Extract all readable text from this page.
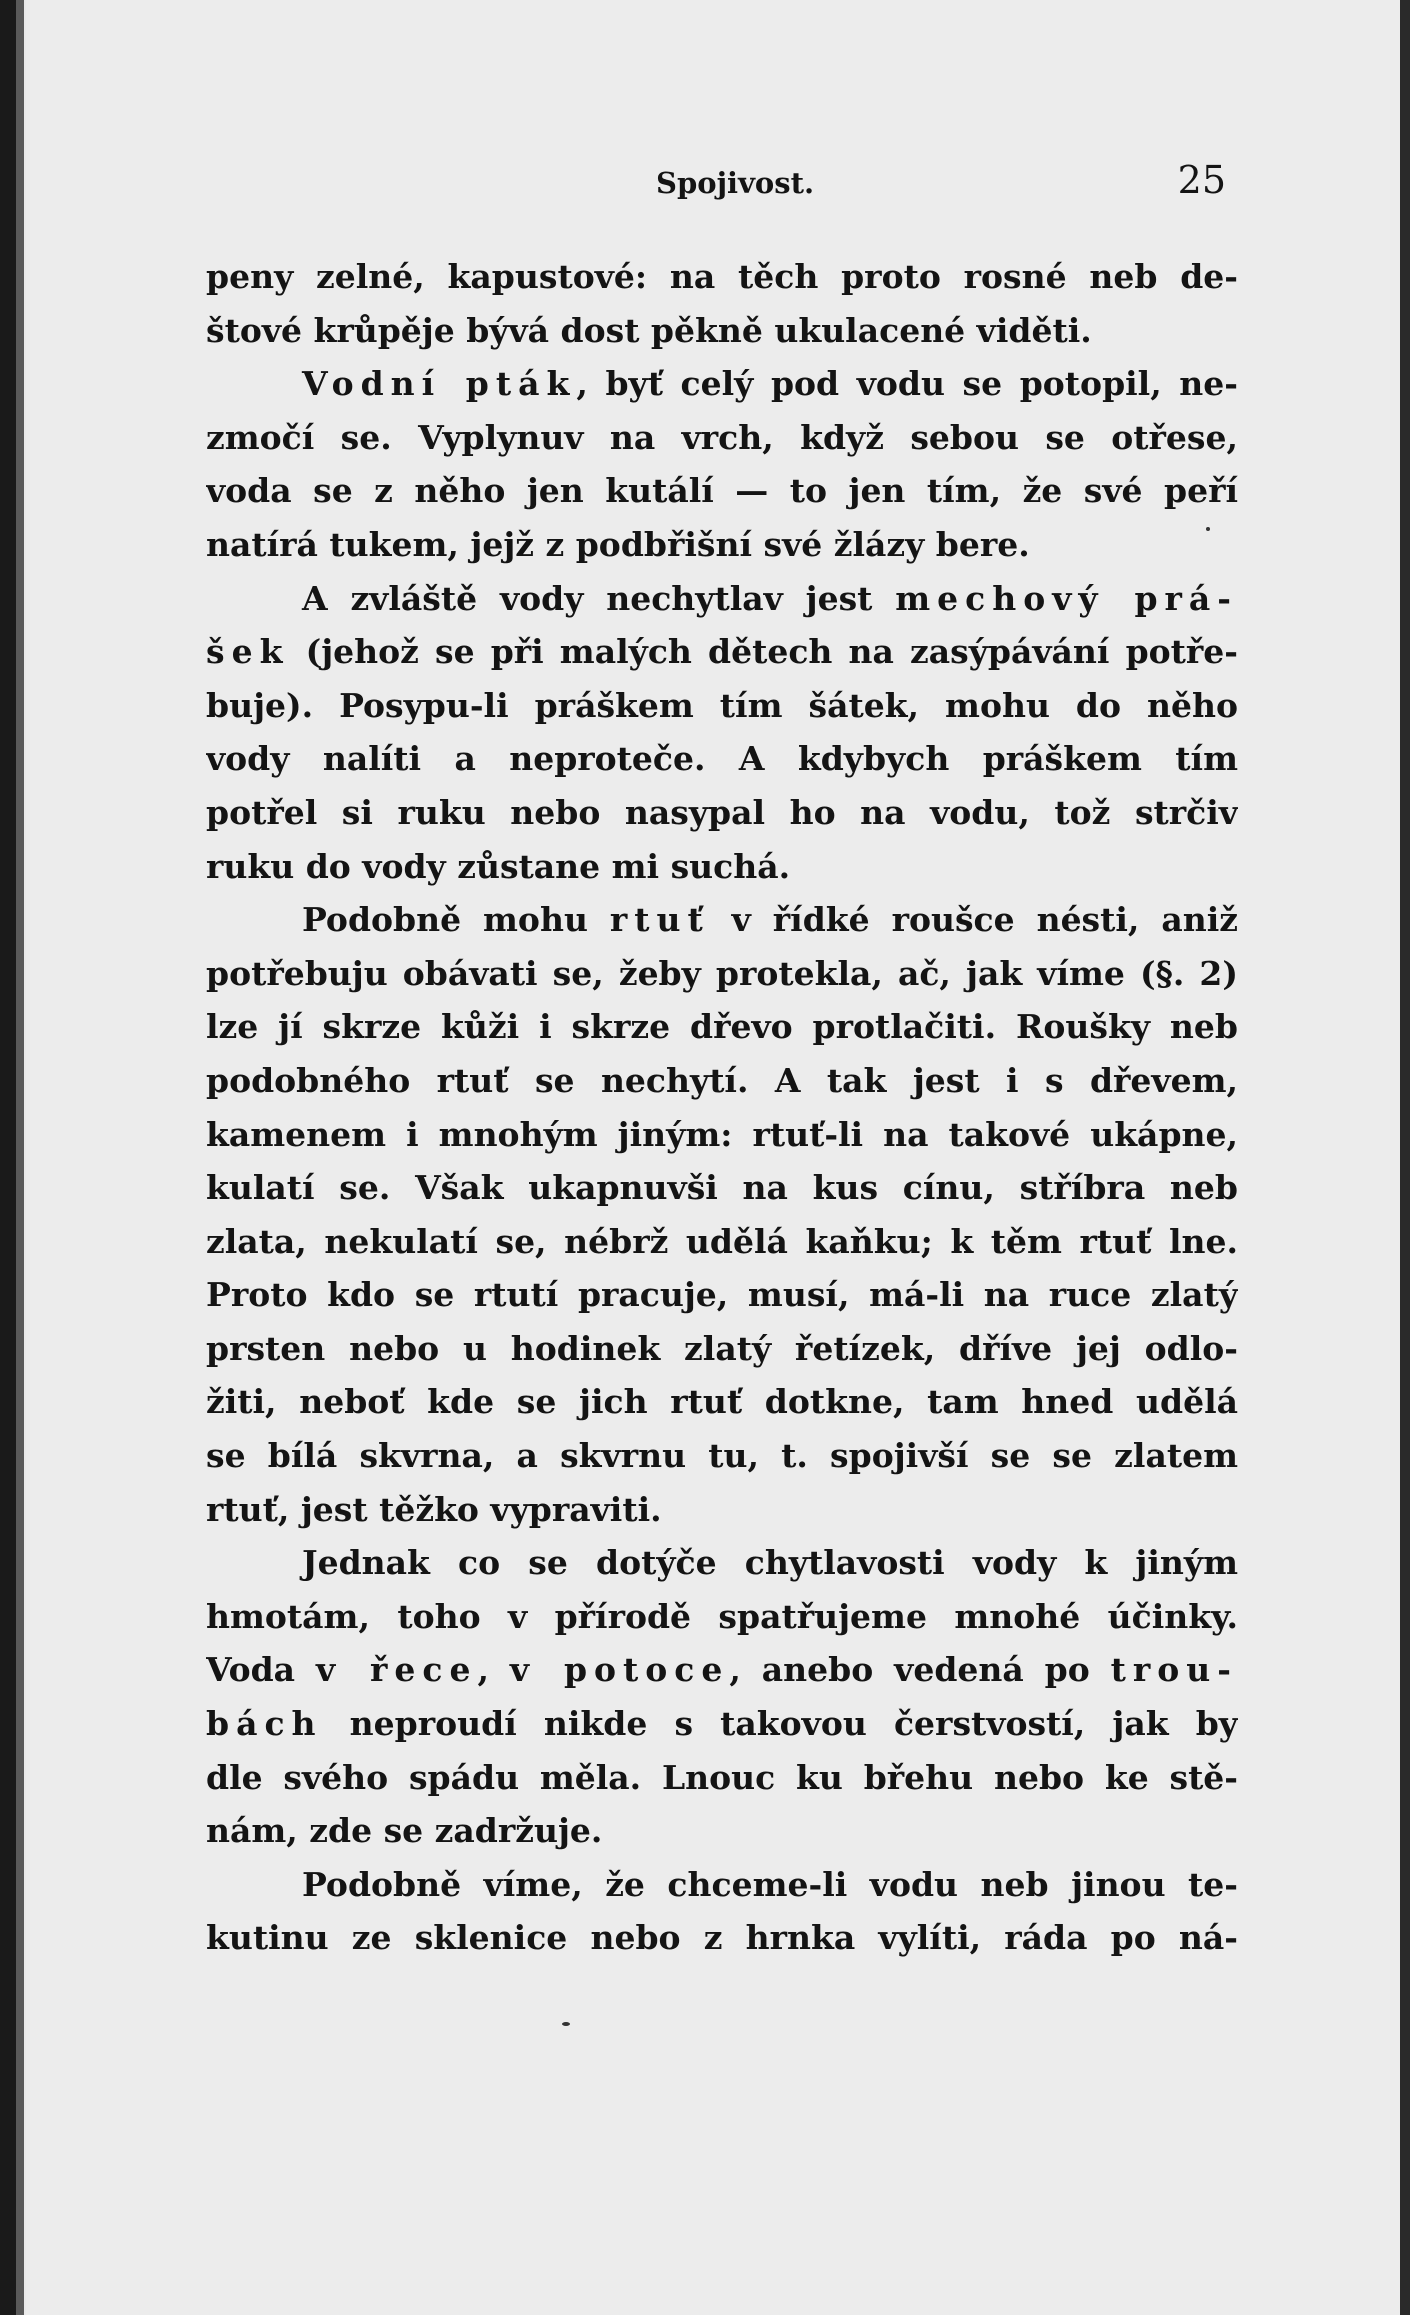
Spojivost.	25
peny zelné, kapustové: na těch proto rosné neb de-
štové krůpěje bývá dost pěkně ukulacené viděti.
Vodní pták, byť celý pod vodu se potopil, ne-
zmočí se. Vyplynuv na vrch, když sebou se otřese,
voda se z něho jen kutálí — to jen tím, že své peří
natírá tukem, jejž z podbřišní své žlázy bere.
A zvláště vody nechytlav jest mechový prá-
šek (jehož se při malých dětech na zasýpávání potře-
buje). Posypu-li práškem tím šátek, mohu do něho
vody nalíti a neproteče. A kdybych práškem tím
potřel si ruku nebo nasypal ho na vodu, tož strčiv
ruku do vody zůstane mi suchá.
Podobně mohu rtuť v řídké roušce nésti, aniž
potřebuju obávati se, žeby protekla, ač, jak víme (§. 2)
lze jí skrze kůži i skrze dřevo protlačiti. Roušky neb
podobného rtuť se nechytí. A tak jest i s dřevem,
kamenem i mnohým jiným: rtuť-li na takové ukápne,
kulatí se. Však ukapnuvši na kus cínu, stříbra neb
zlata, nekulatí se, nébrž udělá kaňku; k těm rtuť lne.
Proto kdo se rtutí pracuje, musí, má-li na ruce zlatý
prsten nebo u hodinek zlatý řetízek, dříve jej odlo-
žiti, neboť kde se jich rtuť dotkne, tam hned udělá
se bílá skvrna, a skvrnu tu, t. spojivší se se zlatem
rtuť, jest těžko vypraviti.
Jednak co se dotýče chytlavosti vody k jiným
hmotám, toho v přírodě spatřujeme mnohé účinky.
Voda v řece, v potoce, anebo vedená po trou-
bách neproudí nikde s takovou čerstvostí, jak by
dle svého spádu měla. Lnouc ku břehu nebo ke stě-
nám, zde se zadržuje.
Podobně víme, že chceme-li vodu neb jinou te-
kutinu ze sklenice nebo z hrnka vylíti, ráda po ná-
